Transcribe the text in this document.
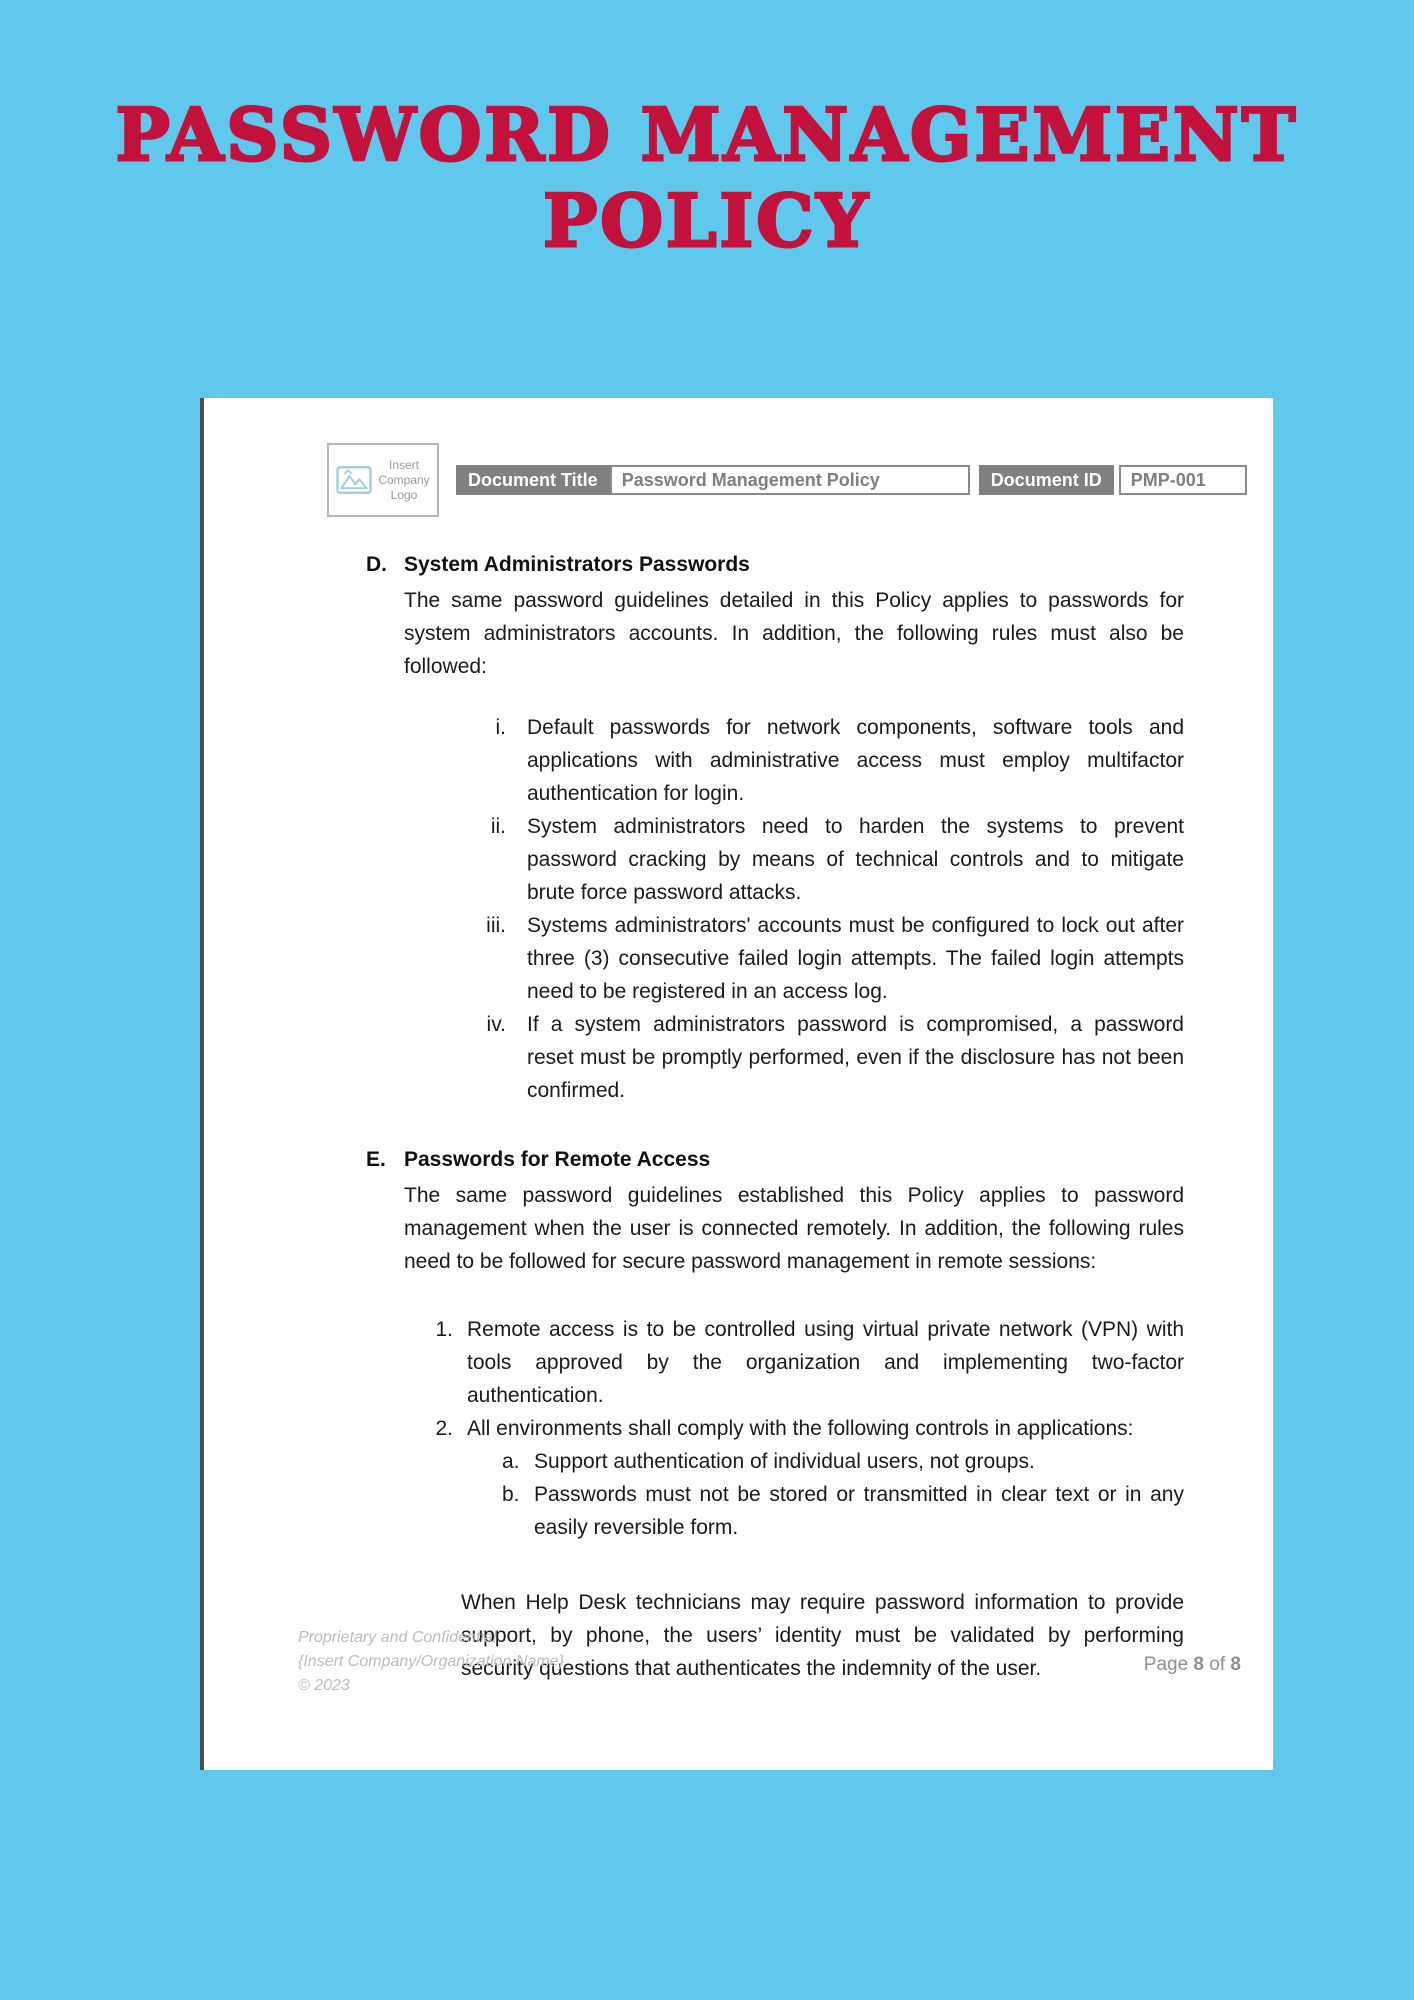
PASSWORD MANAGEMENT
POLICY
Insert
Company
Logo
Document Title	Password Management Policy	Document ID	PMP-001
D. System Administrators Passwords
The same password guidelines detailed in this Policy applies to passwords for system administrators accounts. In addition, the following rules must also be followed:
i. Default passwords for network components, software tools and applications with administrative access must employ multifactor authentication for login.
ii. System administrators need to harden the systems to prevent password cracking by means of technical controls and to mitigate brute force password attacks.
iii. Systems administrators' accounts must be configured to lock out after three (3) consecutive failed login attempts. The failed login attempts need to be registered in an access log.
iv. If a system administrators password is compromised, a password reset must be promptly performed, even if the disclosure has not been confirmed.
E. Passwords for Remote Access
The same password guidelines established this Policy applies to password management when the user is connected remotely. In addition, the following rules need to be followed for secure password management in remote sessions:
1. Remote access is to be controlled using virtual private network (VPN) with tools approved by the organization and implementing two-factor authentication.
2. All environments shall comply with the following controls in applications:
a. Support authentication of individual users, not groups.
b. Passwords must not be stored or transmitted in clear text or in any easily reversible form.
When Help Desk technicians may require password information to provide support, by phone, the users’ identity must be validated by performing security questions that authenticates the indemnity of the user.
Proprietary and Confidential
{Insert Company/Organization Name}
© 2023
Page 8 of 8
